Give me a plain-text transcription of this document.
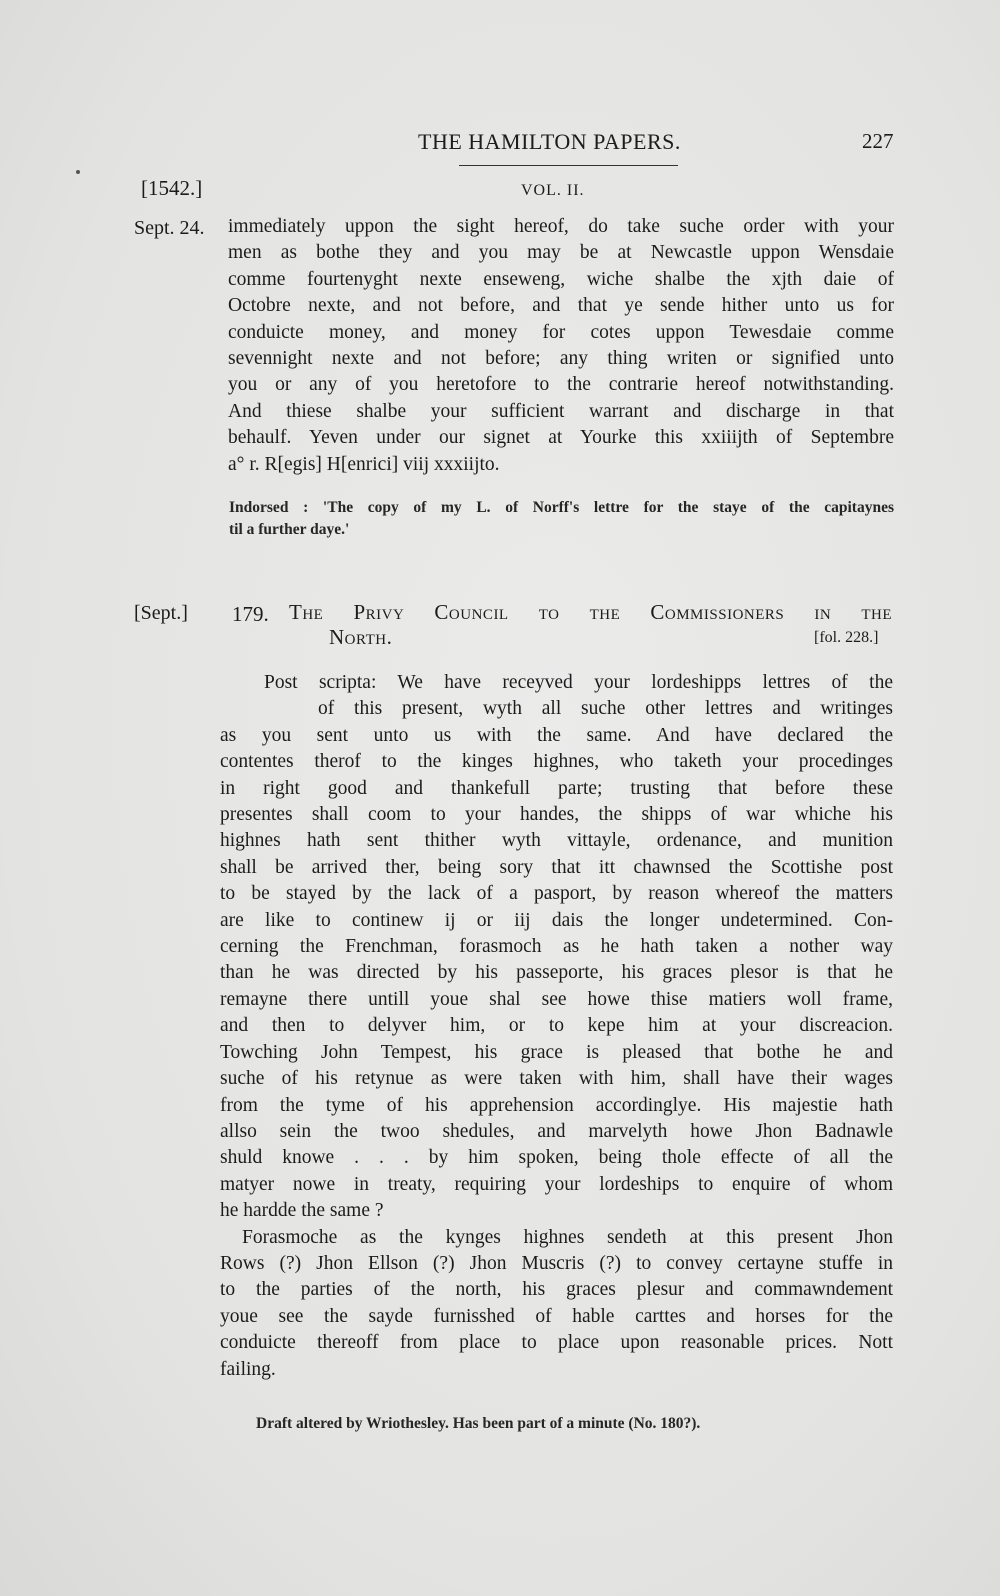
THE HAMILTON PAPERS.	227
[1542.]	VOL. II.
Sept. 24. immediately uppon the sight hereof, do take suche order with your
men as bothe they and you may be at Newcastle uppon Wensdaie
comme fourtenyght nexte enseweng, wiche shalbe the xjth daie of
Octobre nexte, and not before, and that ye sende hither unto us for
conduicte money, and money for cotes uppon Tewesdaie comme
sevennight nexte and not before; any thing writen or signified unto
you or any of you heretofore to the contrarie hereof notwithstanding.
And thiese shalbe your sufficient warrant and discharge in that
behaulf. Yeven under our signet at Yourke this xxiiijth of Septembre
a° r. R[egis] H[enrici] viij xxxiijto.
Indorsed : 'The copy of my L. of Norff's lettre for the staye of the capitaynes
til a further daye.'
[Sept.] 179. The Privy Council to the Commissioners in the
North.	[fol. 228.]
Post scripta: We have receyved your lordeshipps lettres of the
of this present, wyth all suche other lettres and writinges
as you sent unto us with the same. And have declared the
contentes therof to the kinges highnes, who taketh your procedinges
in right good and thankefull parte; trusting that before these
presentes shall coom to your handes, the shipps of war whiche his
highnes hath sent thither wyth vittayle, ordenance, and munition
shall be arrived ther, being sory that itt chawnsed the Scottishe post
to be stayed by the lack of a pasport, by reason whereof the matters
are like to continew ij or iij dais the longer undetermined. Con-
cerning the Frenchman, forasmoch as he hath taken a nother way
than he was directed by his passeporte, his graces plesor is that he
remayne there untill youe shal see howe thise matiers woll frame,
and then to delyver him, or to kepe him at your discreacion.
Towching John Tempest, his grace is pleased that bothe he and
suche of his retynue as were taken with him, shall have their wages
from the tyme of his apprehension accordinglye. His majestie hath
allso sein the twoo shedules, and marvelyth howe Jhon Badnawle
shuld knowe . . . by him spoken, being thole effecte of all the
matyer nowe in treaty, requiring your lordeships to enquire of whom
he hardde the same ?
Forasmoche as the kynges highnes sendeth at this present Jhon
Rows (?) Jhon Ellson (?) Jhon Muscris (?) to convey certayne stuffe in
to the parties of the north, his graces plesur and commawndement
youe see the sayde furnisshed of hable carttes and horses for the
conduicte thereoff from place to place upon reasonable prices. Nott
failing.
Draft altered by Wriothesley. Has been part of a minute (No. 180?).
